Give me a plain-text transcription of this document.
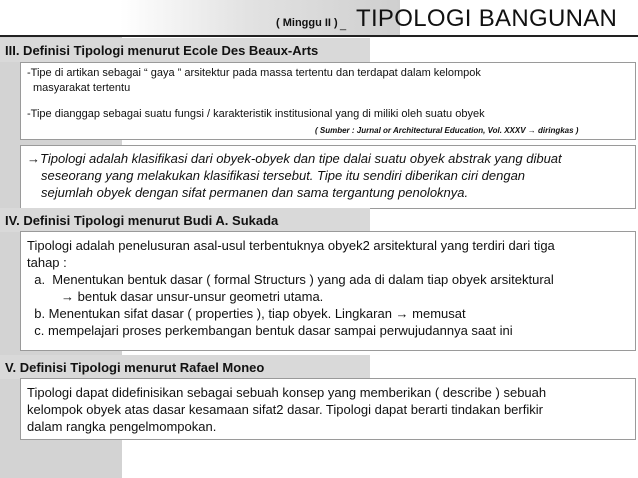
( Minggu II ) _ TIPOLOGI BANGUNAN
III. Definisi Tipologi menurut Ecole Des Beaux-Arts
-Tipe di artikan sebagai “ gaya ” arsitektur pada massa tertentu dan terdapat dalam kelompok
masyarakat tertentu
-Tipe dianggap sebagai suatu fungsi / karakteristik institusional yang di miliki oleh suatu obyek
( Sumber : Jurnal or Architectural Education, Vol. XXXV → diringkas )
→Tipologi adalah klasifikasi dari obyek-obyek dan tipe dalai suatu obyek abstrak yang dibuat
seseorang yang melakukan klasifikasi tersebut. Tipe itu sendiri diberikan ciri dengan
sejumlah obyek dengan sifat permanen dan sama tergantung penoloknya.
IV. Definisi Tipologi menurut Budi A. Sukada
Tipologi adalah penelusuran asal-usul terbentuknya obyek2 arsitektural yang terdiri dari tiga
tahap :
a.  Menentukan bentuk dasar ( formal Structurs ) yang ada di dalam tiap obyek arsitektural
→ bentuk dasar unsur-unsur geometri utama.
b. Menentukan sifat dasar ( properties ), tiap obyek. Lingkaran → memusat
c. mempelajari proses perkembangan bentuk dasar sampai perwujudannya saat ini
V. Definisi Tipologi menurut Rafael Moneo
Tipologi dapat didefinisikan sebagai sebuah konsep yang memberikan ( describe ) sebuah
kelompok obyek atas dasar kesamaan sifat2 dasar. Tipologi dapat berarti tindakan berfikir
dalam rangka pengelmompokan.
